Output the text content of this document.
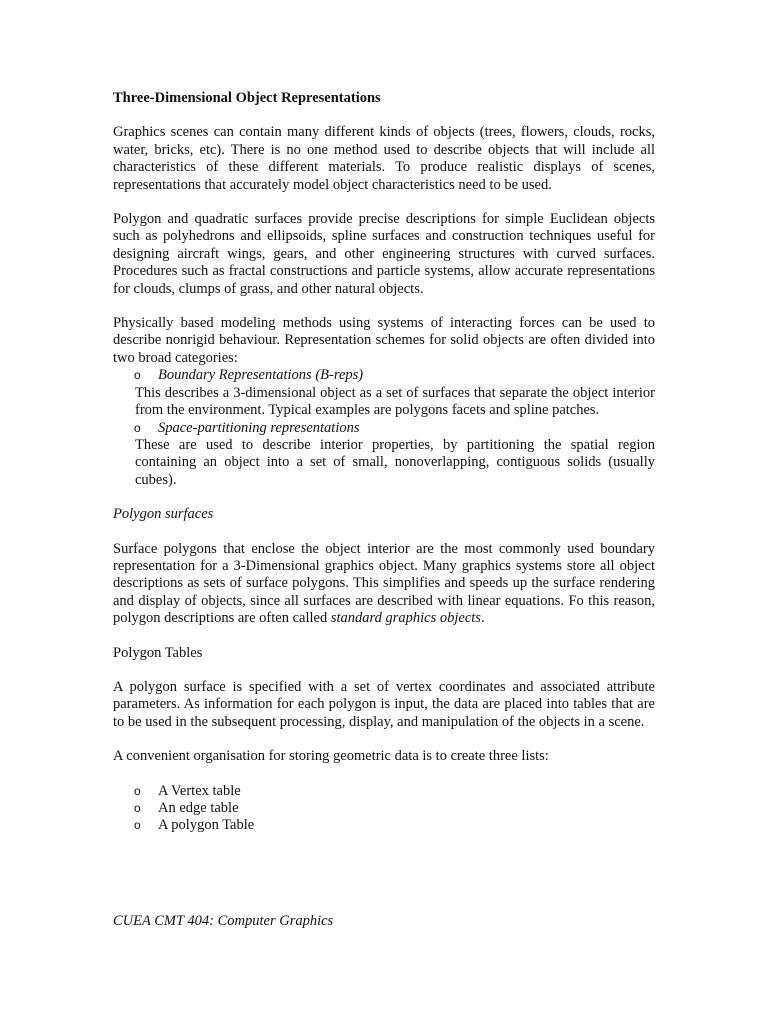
Three-Dimensional Object Representations
Graphics scenes can contain many different kinds of objects (trees, flowers, clouds, rocks, water, bricks, etc). There is no one method used to describe objects that will include all characteristics of these different materials. To produce realistic displays of scenes, representations that accurately model object characteristics need to be used.
Polygon and quadratic surfaces provide precise descriptions for simple Euclidean objects such as polyhedrons and ellipsoids, spline surfaces and construction techniques useful for designing aircraft wings, gears, and other engineering structures with curved surfaces. Procedures such as fractal constructions and particle systems, allow accurate representations for clouds, clumps of grass, and other natural objects.
Physically based modeling methods using systems of interacting forces can be used to describe nonrigid behaviour. Representation schemes for solid objects are often divided into two broad categories:
o Boundary Representations (B-reps)
This describes a 3-dimensional object as a set of surfaces that separate the object interior from the environment. Typical examples are polygons facets and spline patches.
o Space-partitioning representations
These are used to describe interior properties, by partitioning the spatial region containing an object into a set of small, nonoverlapping, contiguous solids (usually cubes).
Polygon surfaces
Surface polygons that enclose the object interior are the most commonly used boundary representation for a 3-Dimensional graphics object. Many graphics systems store all object descriptions as sets of surface polygons. This simplifies and speeds up the surface rendering and display of objects, since all surfaces are described with linear equations. Fo this reason, polygon descriptions are often called standard graphics objects.
Polygon Tables
A polygon surface is specified with a set of vertex coordinates and associated attribute parameters. As information for each polygon is input, the data are placed into tables that are to be used in the subsequent processing, display, and manipulation of the objects in a scene.
A convenient organisation for storing geometric data is to create three lists:
o A Vertex table
o An edge table
o A polygon Table
CUEA CMT 404: Computer Graphics
